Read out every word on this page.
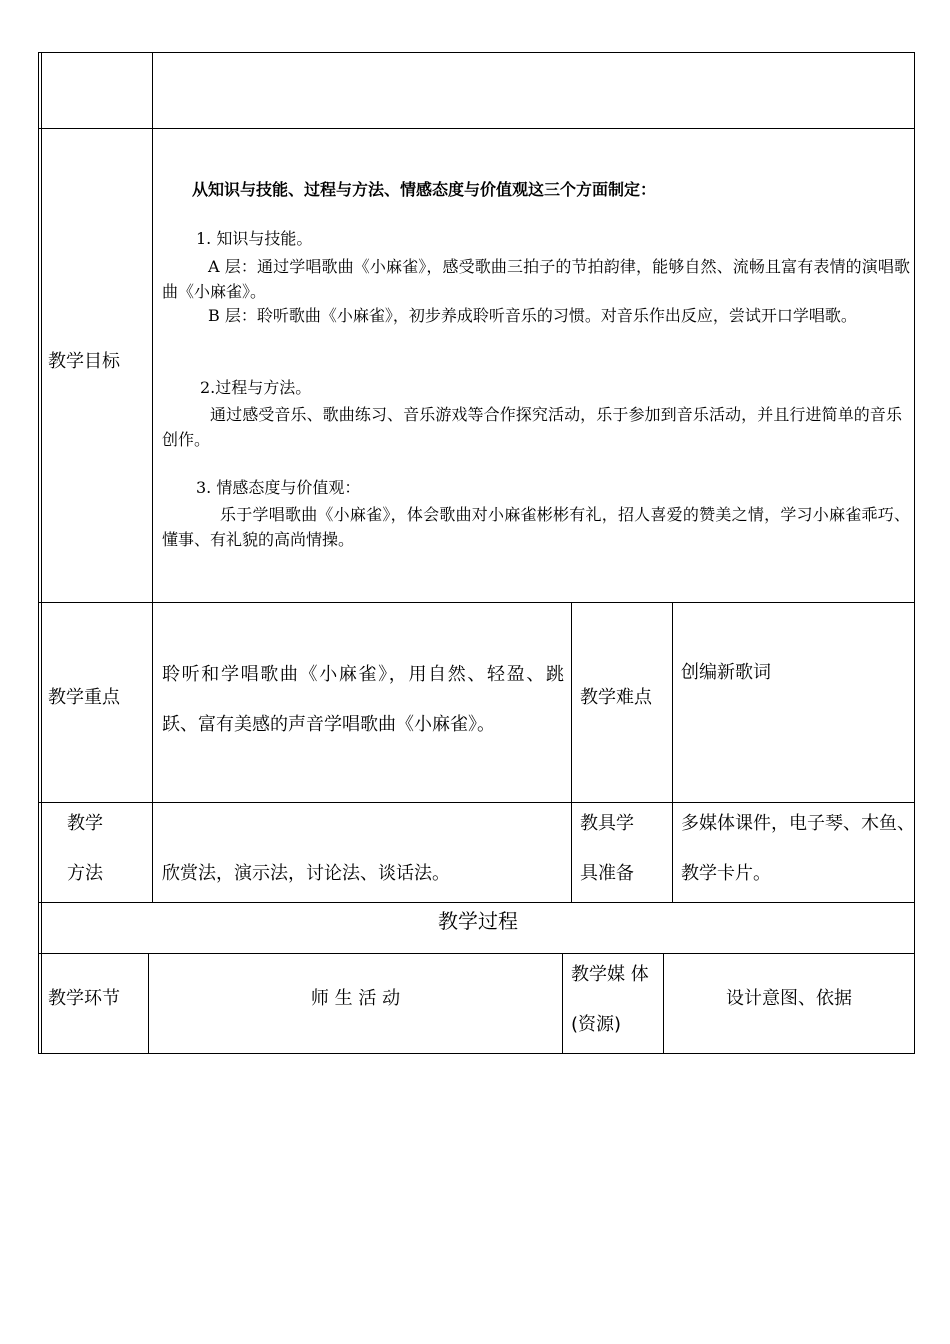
教学目标
从知识与技能、过程与方法、情感态度与价值观这三个方面制定：
1. 知识与技能。
A 层：通过学唱歌曲《小麻雀》，感受歌曲三拍子的节拍韵律，能够自然、流畅且富有表情的演唱歌曲《小麻雀》。
B 层：聆听歌曲《小麻雀》，初步养成聆听音乐的习惯。对音乐作出反应，尝试开口学唱歌。
2.过程与方法。
通过感受音乐、歌曲练习、音乐游戏等合作探究活动，乐于参加到音乐活动，并且行进简单的音乐创作。
3. 情感态度与价值观：
乐于学唱歌曲《小麻雀》，体会歌曲对小麻雀彬彬有礼，招人喜爱的赞美之情，学习小麻雀乖巧、懂事、有礼貌的高尚情操。
教学重点
聆听和学唱歌曲《小麻雀》，用自然、轻盈、跳跃、富有美感的声音学唱歌曲《小麻雀》。
教学难点
创编新歌词
教学
方法	欣赏法，演示法，讨论法、谈话法。
教具学
具准备
多媒体课件，电子琴、木鱼、
教学卡片。
教学过程
教学环节	师 生 活 动
教学媒 体
(资源)
设计意图、依据
